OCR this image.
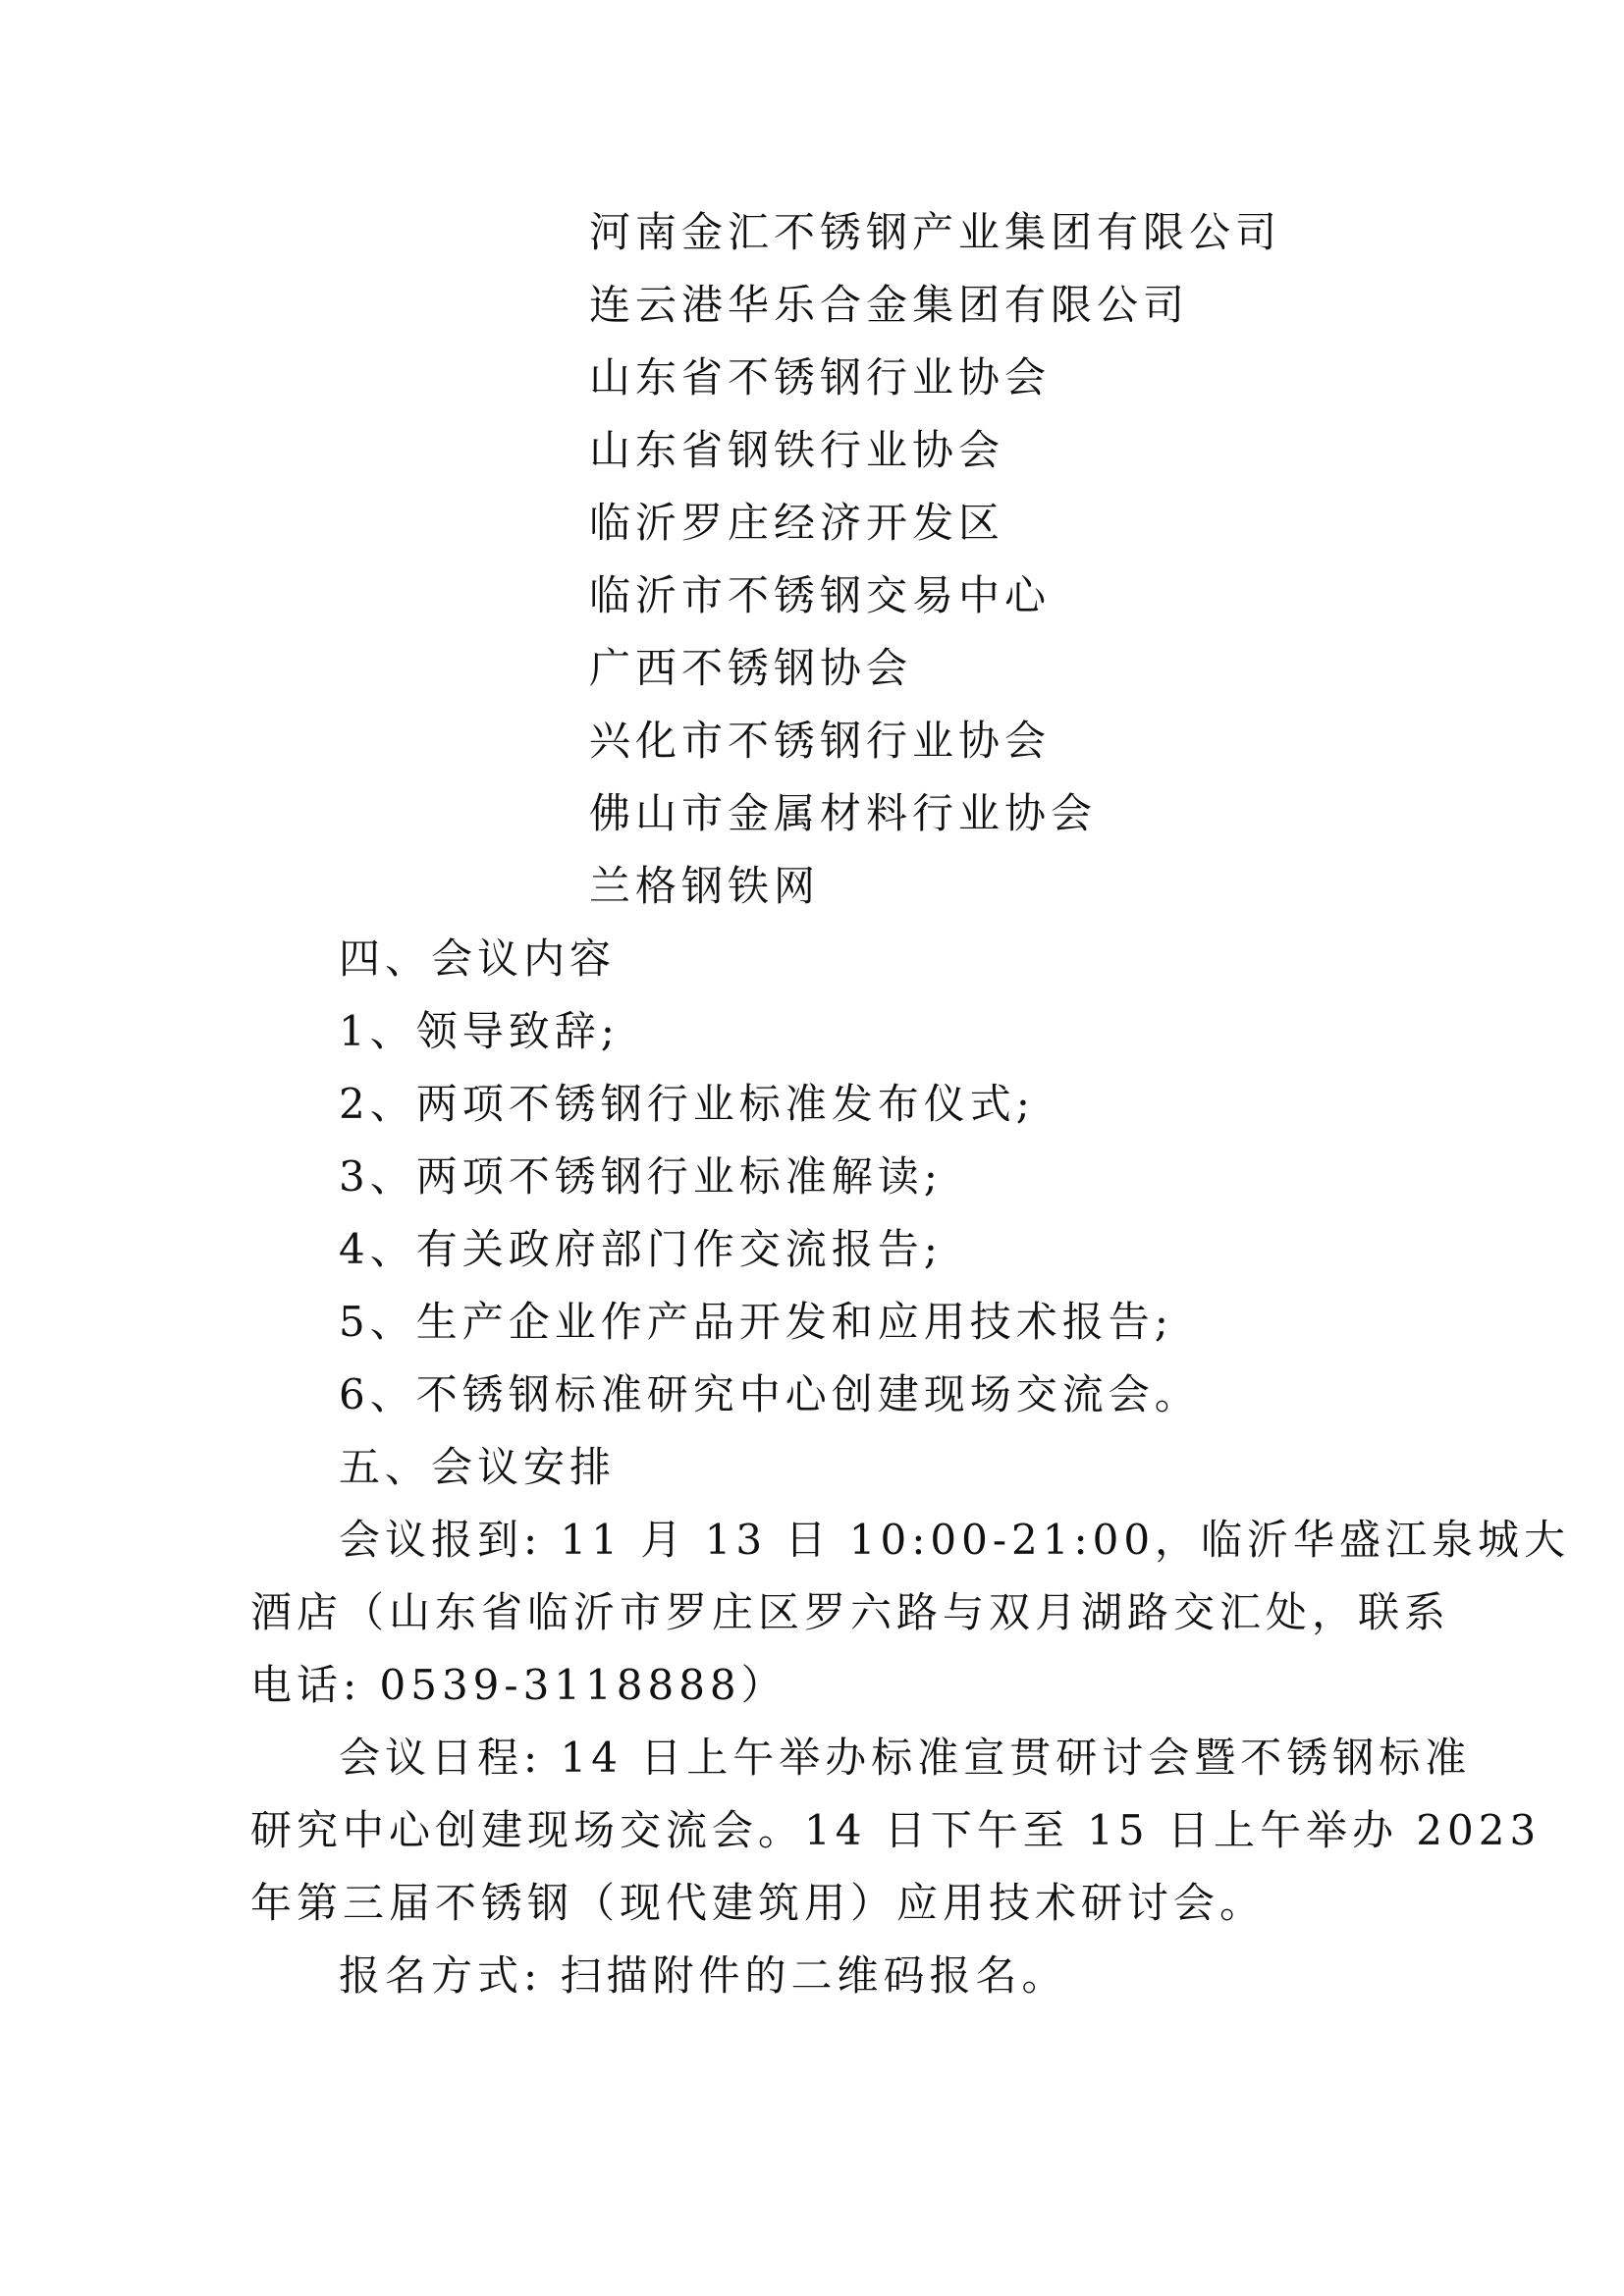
河南金汇不锈钢产业集团有限公司
连云港华乐合金集团有限公司
山东省不锈钢行业协会
山东省钢铁行业协会
临沂罗庄经济开发区
临沂市不锈钢交易中心
广西不锈钢协会
兴化市不锈钢行业协会
佛山市金属材料行业协会
兰格钢铁网
四、会议内容
1、领导致辞;
2、两项不锈钢行业标准发布仪式;
3、两项不锈钢行业标准解读;
4、有关政府部门作交流报告;
5、生产企业作产品开发和应用技术报告;
6、不锈钢标准研究中心创建现场交流会。
五、会议安排
会议报到: 11 月 13 日 10:00-21:00，临沂华盛江泉城大
酒店（山东省临沂市罗庄区罗六路与双月湖路交汇处，联系
电话: 0539-3118888）
会议日程: 14 日上午举办标准宣贯研讨会暨不锈钢标准
研究中心创建现场交流会。14 日下午至 15 日上午举办 2023
年第三届不锈钢（现代建筑用）应用技术研讨会。
报名方式: 扫描附件的二维码报名。
